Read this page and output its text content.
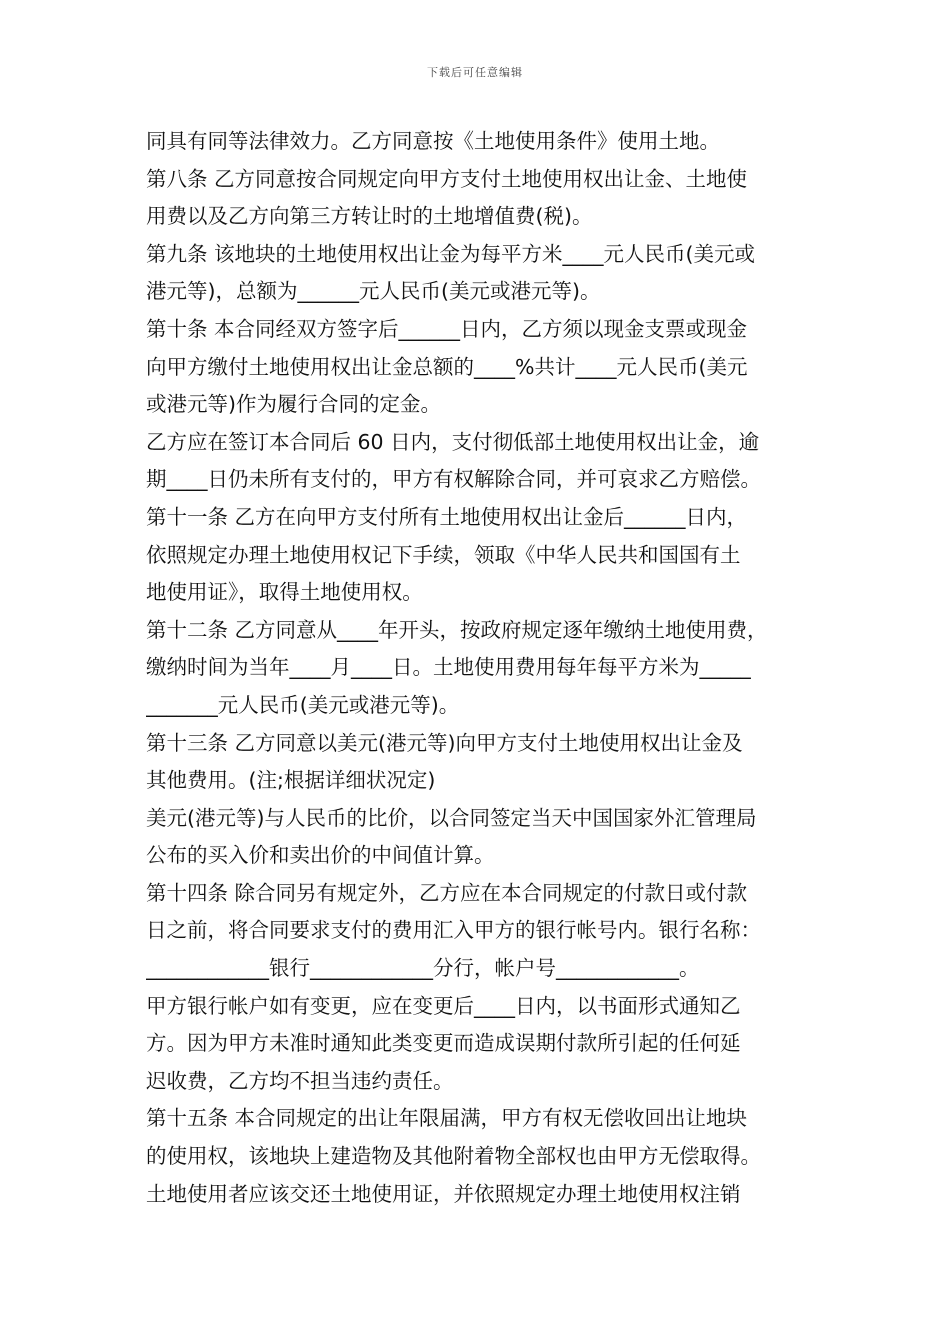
下载后可任意编辑
同具有同等法律效力。乙方同意按《土地使用条件》使用土地。
第八条 乙方同意按合同规定向甲方支付土地使用权出让金、土地使
用费以及乙方向第三方转让时的土地增值费(税)。
第九条 该地块的土地使用权出让金为每平方米____元人民币(美元或
港元等)，总额为______元人民币(美元或港元等)。
第十条 本合同经双方签字后______日内，乙方须以现金支票或现金
向甲方缴付土地使用权出让金总额的____%共计____元人民币(美元
或港元等)作为履行合同的定金。
乙方应在签订本合同后 60 日内，支付彻低部土地使用权出让金，逾
期____日仍未所有支付的，甲方有权解除合同，并可哀求乙方赔偿。
第十一条 乙方在向甲方支付所有土地使用权出让金后______日内，
依照规定办理土地使用权记下手续，领取《中华人民共和国国有土
地使用证》，取得土地使用权。
第十二条 乙方同意从____年开头，按政府规定逐年缴纳土地使用费，
缴纳时间为当年____月____日。土地使用费用每年每平方米为_____
_______元人民币(美元或港元等)。
第十三条 乙方同意以美元(港元等)向甲方支付土地使用权出让金及
其他费用。(注;根据详细状况定)
美元(港元等)与人民币的比价，以合同签定当天中国国家外汇管理局
公布的买入价和卖出价的中间值计算。
第十四条 除合同另有规定外，乙方应在本合同规定的付款日或付款
日之前，将合同要求支付的费用汇入甲方的银行帐号内。银行名称：
____________银行____________分行，帐户号____________。
甲方银行帐户如有变更，应在变更后____日内，以书面形式通知乙
方。因为甲方未准时通知此类变更而造成误期付款所引起的任何延
迟收费，乙方均不担当违约责任。
第十五条 本合同规定的出让年限届满，甲方有权无偿收回出让地块
的使用权，该地块上建造物及其他附着物全部权也由甲方无偿取得。
土地使用者应该交还土地使用证，并依照规定办理土地使用权注销
